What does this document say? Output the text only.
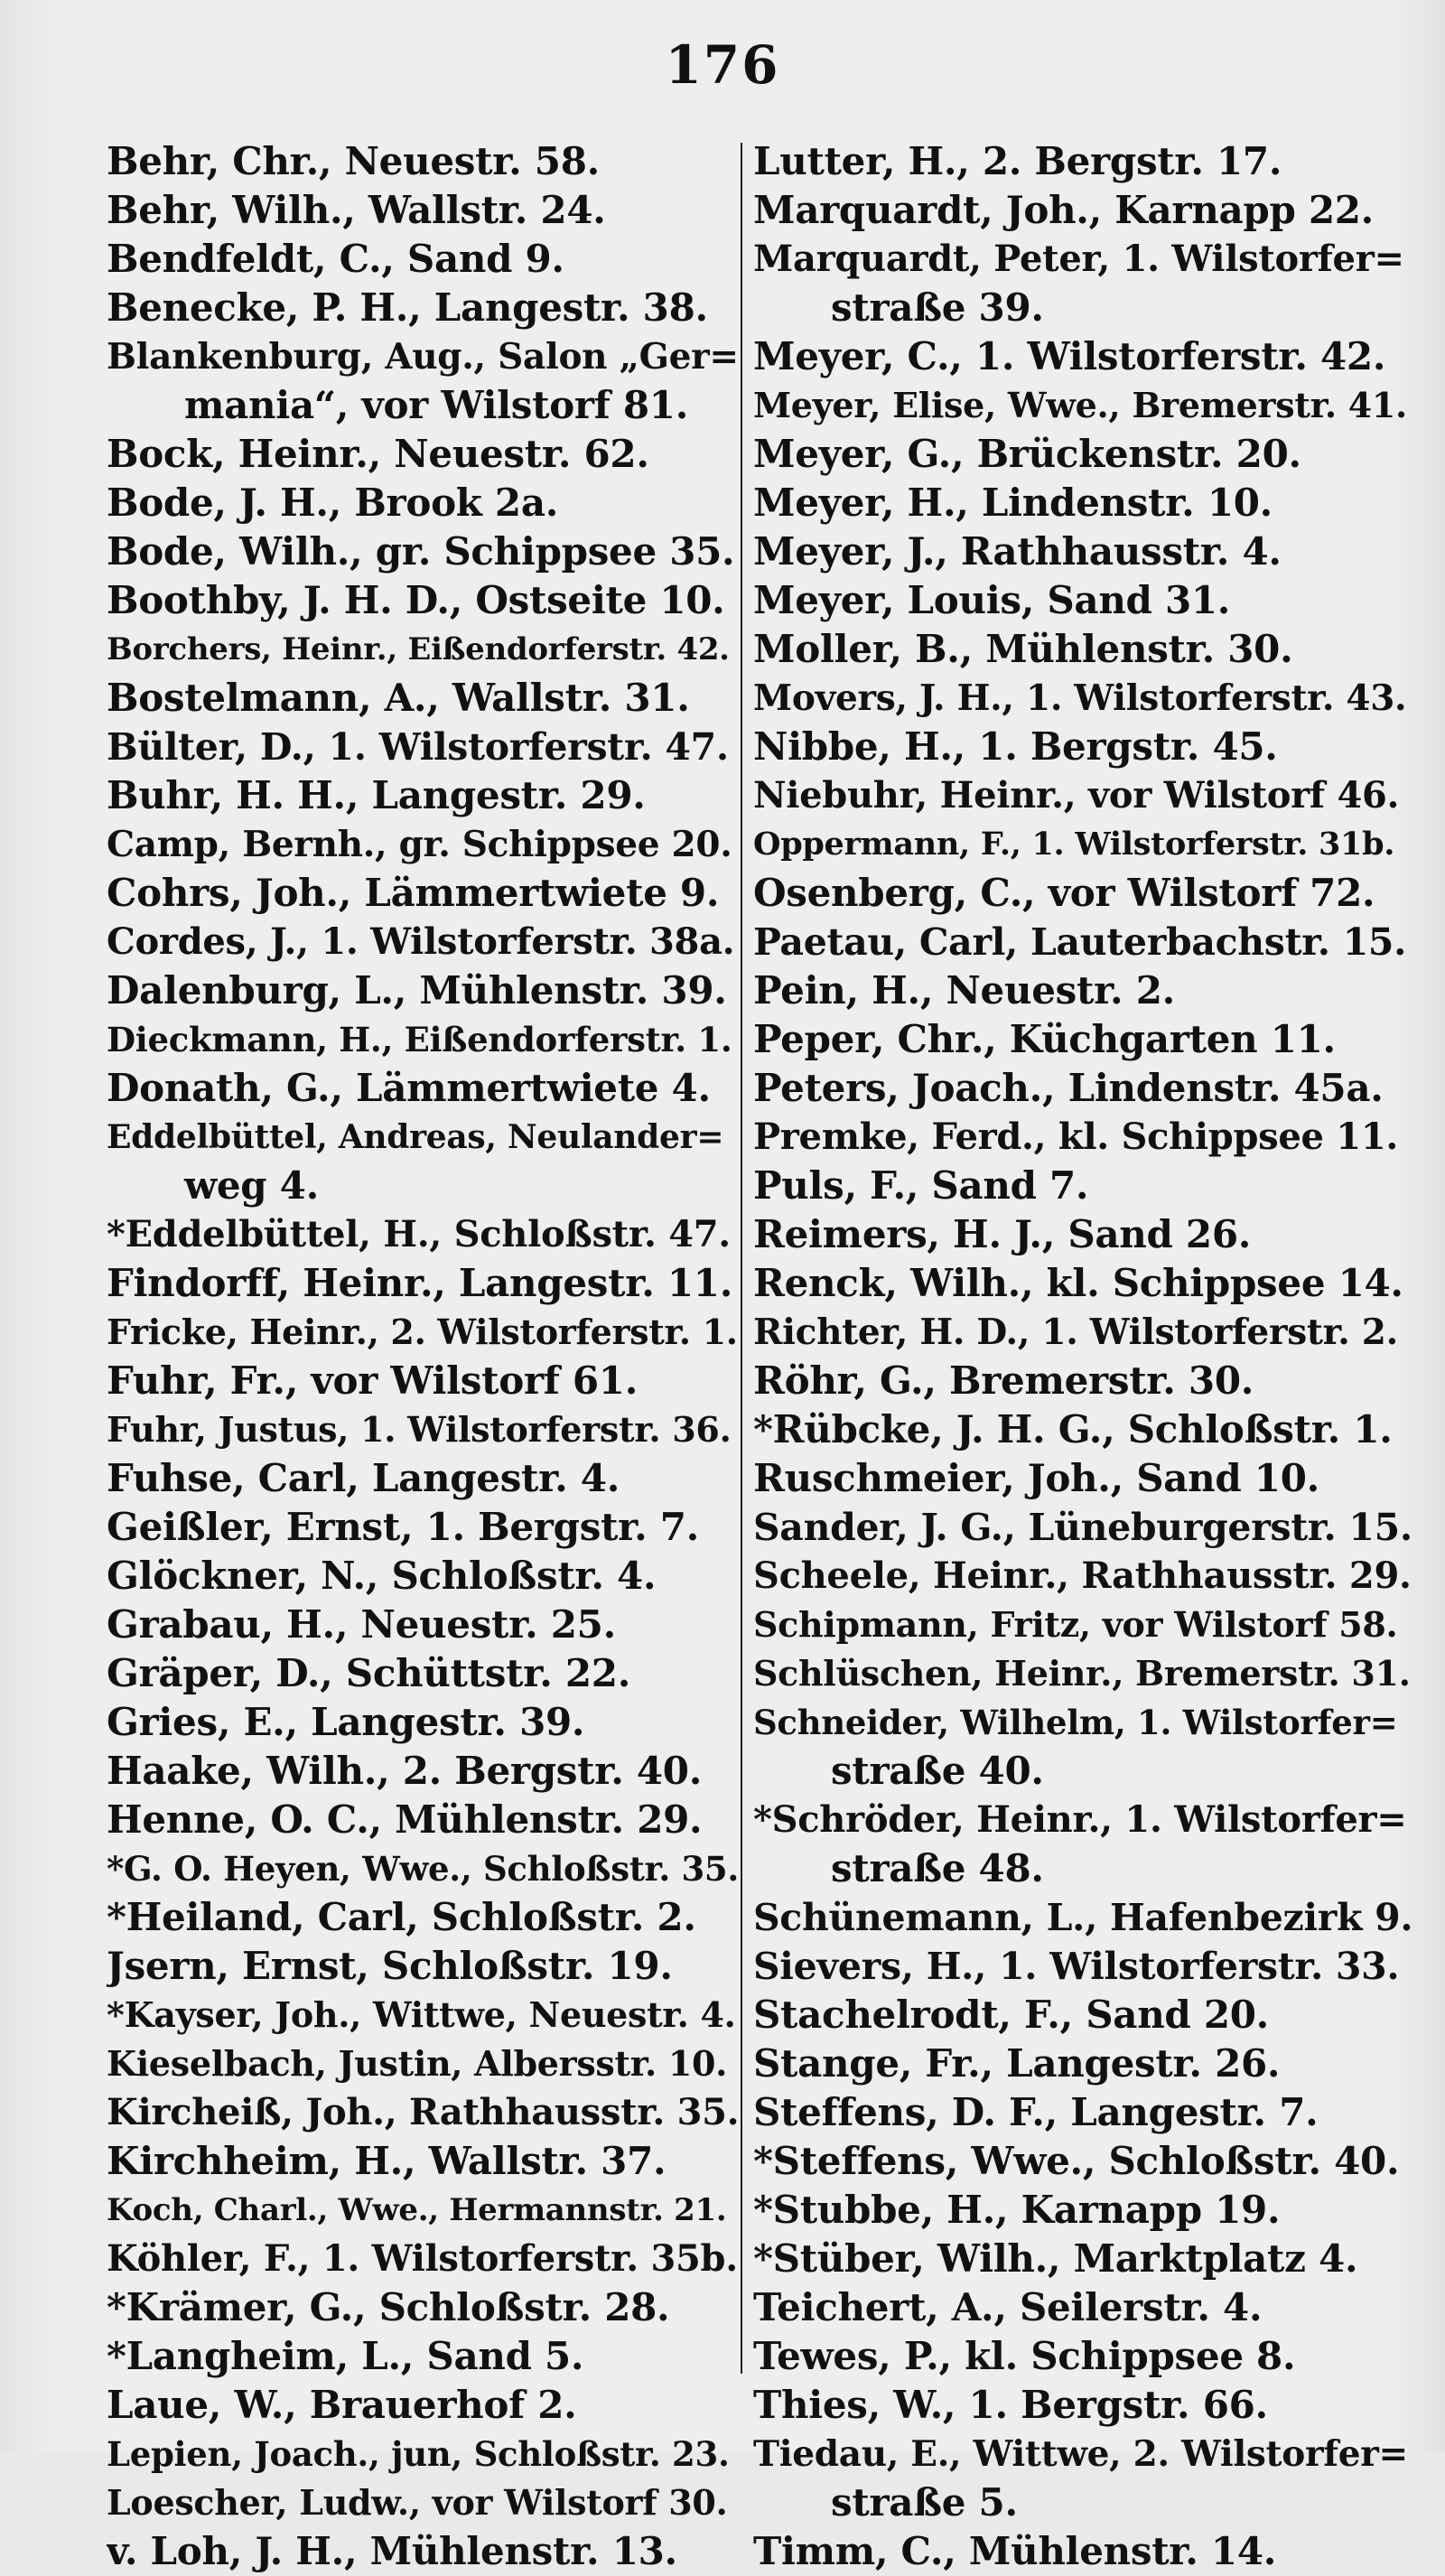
176
Behr, Chr., Neuestr. 58.
Behr, Wilh., Wallstr. 24.
Bendfeldt, C., Sand 9.
Benecke, P. H., Langestr. 38.
Blankenburg, Aug., Salon „Ger=
mania“, vor Wilstorf 81.
Bock, Heinr., Neuestr. 62.
Bode, J. H., Brook 2a.
Bode, Wilh., gr. Schippsee 35.
Boothby, J. H. D., Ostseite 10.
Borchers, Heinr., Eißendorferstr. 42.
Bostelmann, A., Wallstr. 31.
Bülter, D., 1. Wilstorferstr. 47.
Buhr, H. H., Langestr. 29.
Camp, Bernh., gr. Schippsee 20.
Cohrs, Joh., Lämmertwiete 9.
Cordes, J., 1. Wilstorferstr. 38a.
Dalenburg, L., Mühlenstr. 39.
Dieckmann, H., Eißendorferstr. 1.
Donath, G., Lämmertwiete 4.
Eddelbüttel, Andreas, Neulander=
weg 4.
*Eddelbüttel, H., Schloßstr. 47.
Findorff, Heinr., Langestr. 11.
Fricke, Heinr., 2. Wilstorferstr. 1.
Fuhr, Fr., vor Wilstorf 61.
Fuhr, Justus, 1. Wilstorferstr. 36.
Fuhse, Carl, Langestr. 4.
Geißler, Ernst, 1. Bergstr. 7.
Glöckner, N., Schloßstr. 4.
Grabau, H., Neuestr. 25.
Gräper, D., Schüttstr. 22.
Gries, E., Langestr. 39.
Haake, Wilh., 2. Bergstr. 40.
Henne, O. C., Mühlenstr. 29.
*G. O. Heyen, Wwe., Schloßstr. 35.
*Heiland, Carl, Schloßstr. 2.
Jsern, Ernst, Schloßstr. 19.
*Kayser, Joh., Wittwe, Neuestr. 4.
Kieselbach, Justin, Albersstr. 10.
Kircheiß, Joh., Rathhausstr. 35.
Kirchheim, H., Wallstr. 37.
Koch, Charl., Wwe., Hermannstr. 21.
Köhler, F., 1. Wilstorferstr. 35b.
*Krämer, G., Schloßstr. 28.
*Langheim, L., Sand 5.
Laue, W., Brauerhof 2.
Lepien, Joach., jun, Schloßstr. 23.
Loescher, Ludw., vor Wilstorf 30.
v. Loh, J. H., Mühlenstr. 13.
Lutter, H., 2. Bergstr. 17.
Marquardt, Joh., Karnapp 22.
Marquardt, Peter, 1. Wilstorfer=
straße 39.
Meyer, C., 1. Wilstorferstr. 42.
Meyer, Elise, Wwe., Bremerstr. 41.
Meyer, G., Brückenstr. 20.
Meyer, H., Lindenstr. 10.
Meyer, J., Rathhausstr. 4.
Meyer, Louis, Sand 31.
Moller, B., Mühlenstr. 30.
Movers, J. H., 1. Wilstorferstr. 43.
Nibbe, H., 1. Bergstr. 45.
Niebuhr, Heinr., vor Wilstorf 46.
Oppermann, F., 1. Wilstorferstr. 31b.
Osenberg, C., vor Wilstorf 72.
Paetau, Carl, Lauterbachstr. 15.
Pein, H., Neuestr. 2.
Peper, Chr., Küchgarten 11.
Peters, Joach., Lindenstr. 45a.
Premke, Ferd., kl. Schippsee 11.
Puls, F., Sand 7.
Reimers, H. J., Sand 26.
Renck, Wilh., kl. Schippsee 14.
Richter, H. D., 1. Wilstorferstr. 2.
Röhr, G., Bremerstr. 30.
*Rübcke, J. H. G., Schloßstr. 1.
Ruschmeier, Joh., Sand 10.
Sander, J. G., Lüneburgerstr. 15.
Scheele, Heinr., Rathhausstr. 29.
Schipmann, Fritz, vor Wilstorf 58.
Schlüschen, Heinr., Bremerstr. 31.
Schneider, Wilhelm, 1. Wilstorfer=
straße 40.
*Schröder, Heinr., 1. Wilstorfer=
straße 48.
Schünemann, L., Hafenbezirk 9.
Sievers, H., 1. Wilstorferstr. 33.
Stachelrodt, F., Sand 20.
Stange, Fr., Langestr. 26.
Steffens, D. F., Langestr. 7.
*Steffens, Wwe., Schloßstr. 40.
*Stubbe, H., Karnapp 19.
*Stüber, Wilh., Marktplatz 4.
Teichert, A., Seilerstr. 4.
Tewes, P., kl. Schippsee 8.
Thies, W., 1. Bergstr. 66.
Tiedau, E., Wittwe, 2. Wilstorfer=
straße 5.
Timm, C., Mühlenstr. 14.
